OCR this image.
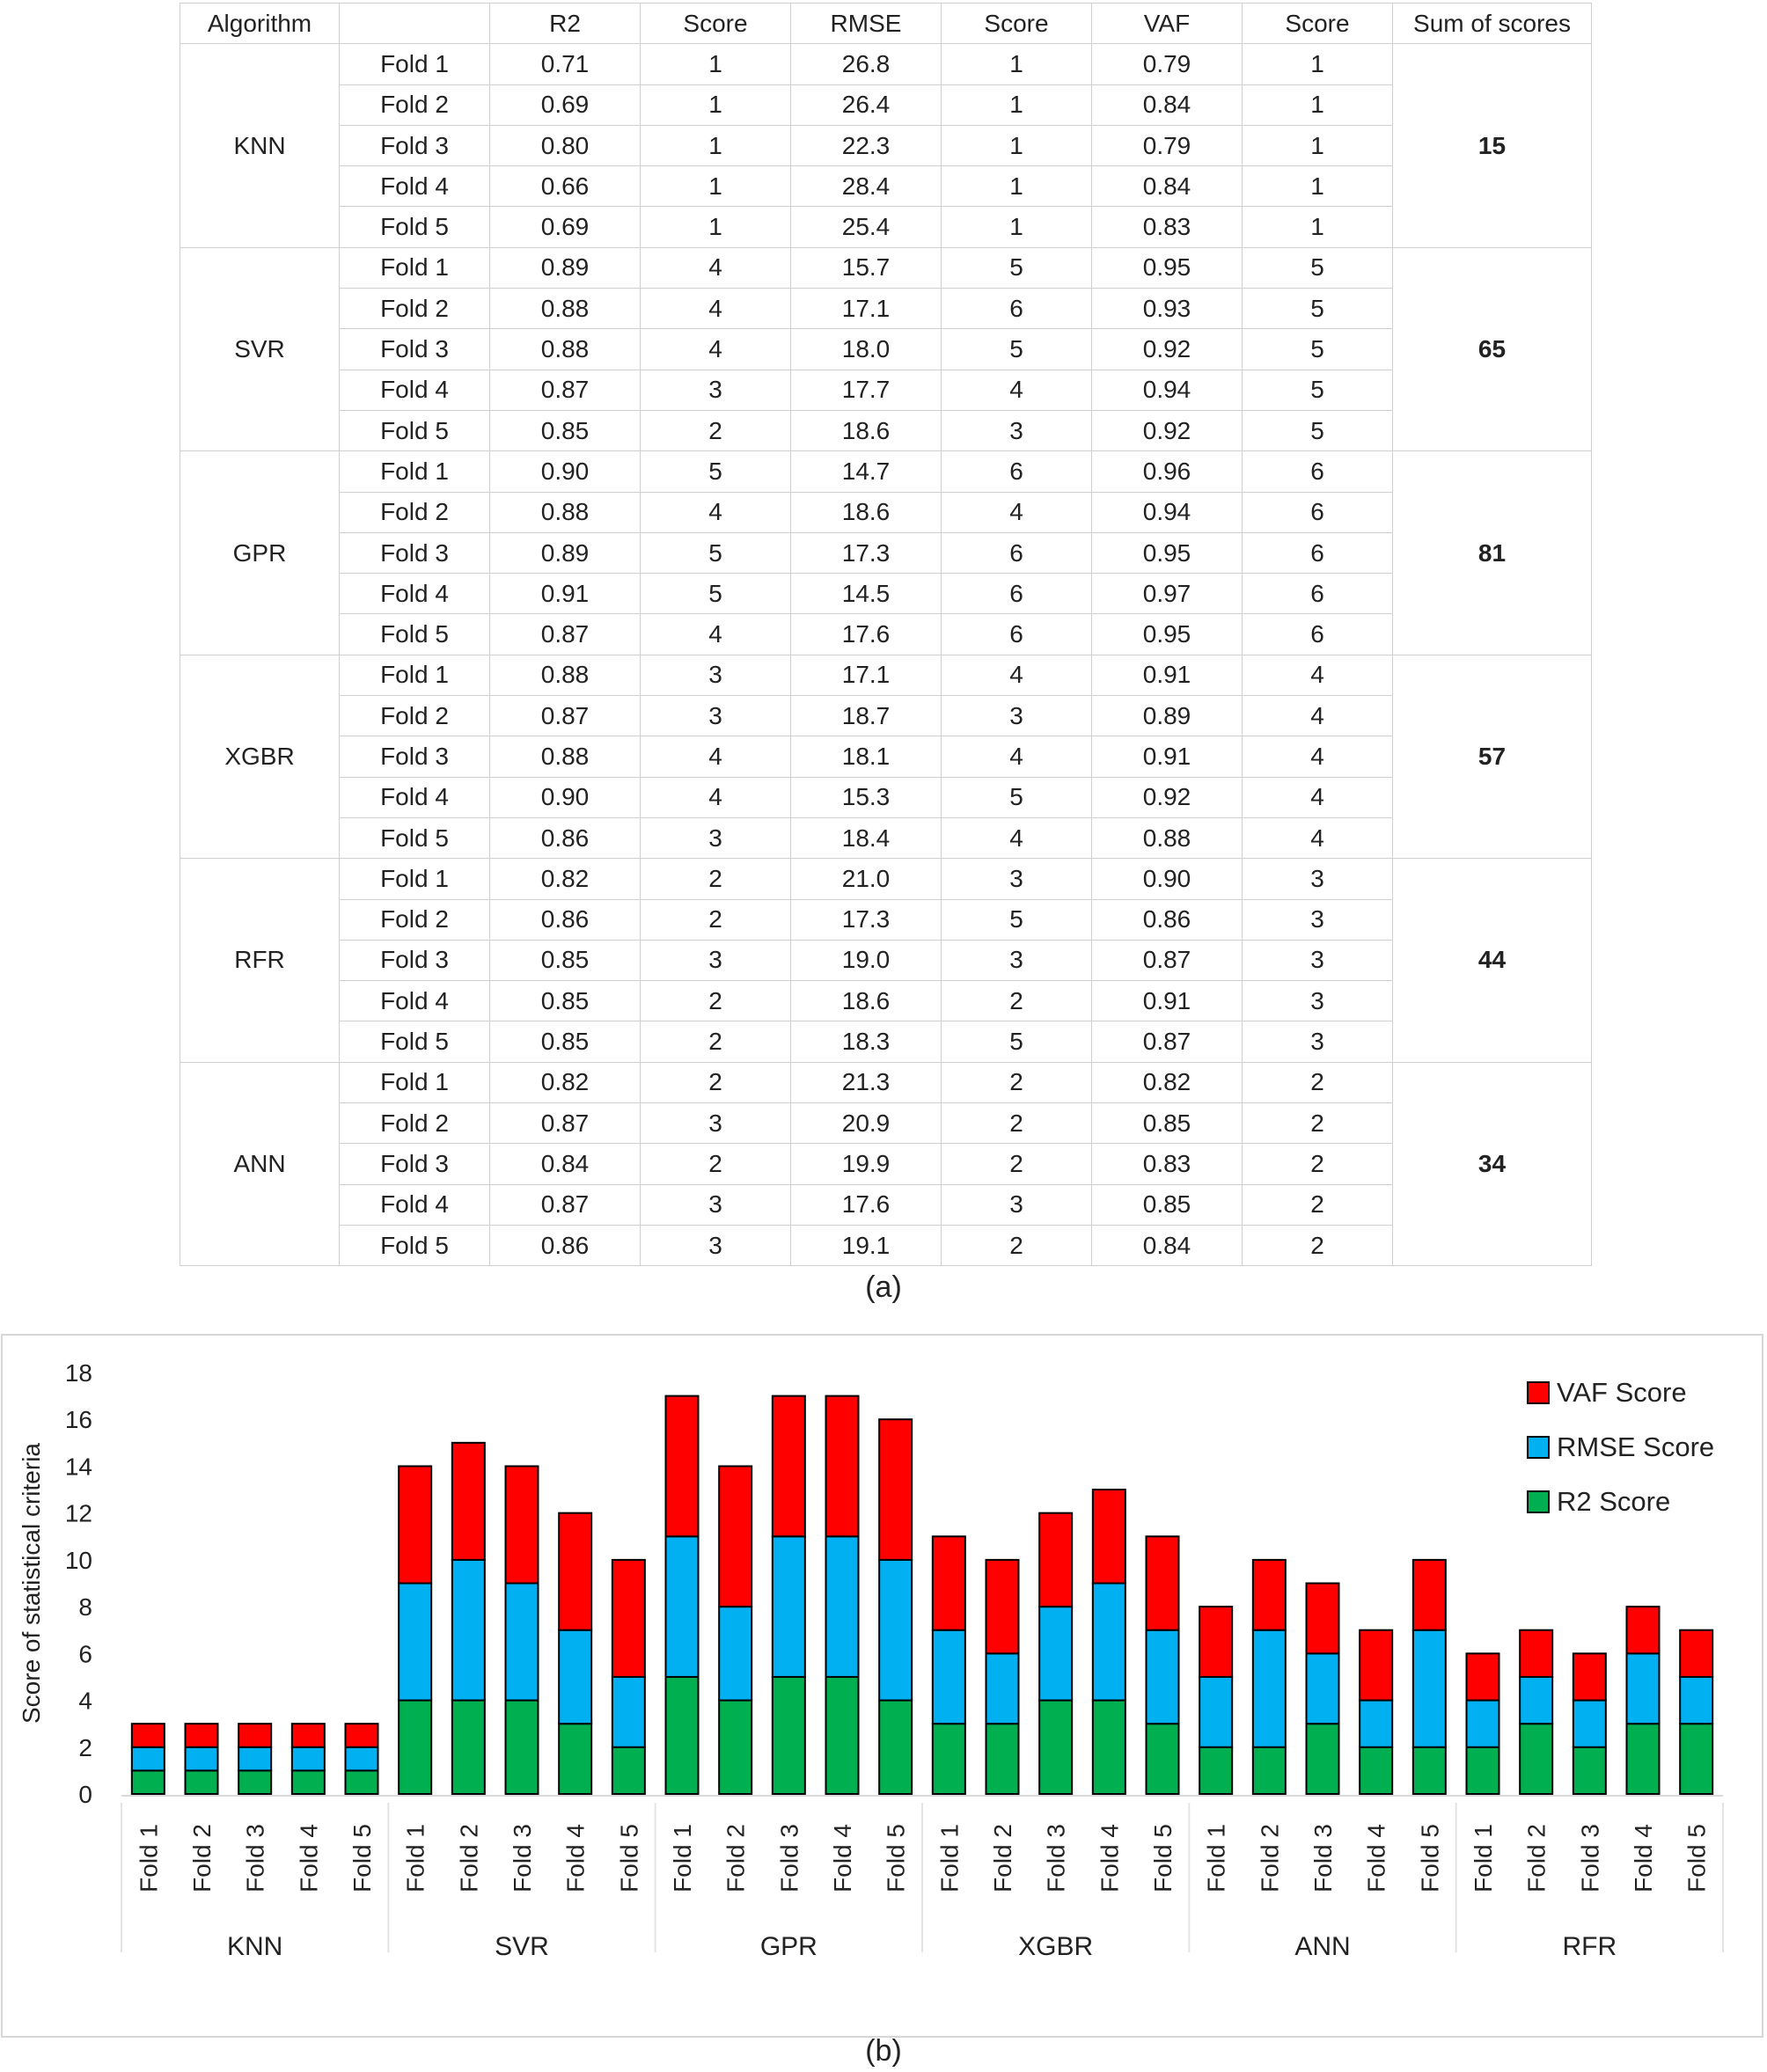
Algorithm		R2	Score	RMSE	Score	VAF	Score	Sum of scores
KNN	Fold 1	0.71	1	26.8	1	0.79	1	15
	Fold 2	0.69	1	26.4	1	0.84	1	
	Fold 3	0.80	1	22.3	1	0.79	1	
	Fold 4	0.66	1	28.4	1	0.84	1	
	Fold 5	0.69	1	25.4	1	0.83	1	
SVR	Fold 1	0.89	4	15.7	5	0.95	5	65
	Fold 2	0.88	4	17.1	6	0.93	5	
	Fold 3	0.88	4	18.0	5	0.92	5	
	Fold 4	0.87	3	17.7	4	0.94	5	
	Fold 5	0.85	2	18.6	3	0.92	5	
GPR	Fold 1	0.90	5	14.7	6	0.96	6	81
	Fold 2	0.88	4	18.6	4	0.94	6	
	Fold 3	0.89	5	17.3	6	0.95	6	
	Fold 4	0.91	5	14.5	6	0.97	6	
	Fold 5	0.87	4	17.6	6	0.95	6	
XGBR	Fold 1	0.88	3	17.1	4	0.91	4	57
	Fold 2	0.87	3	18.7	3	0.89	4	
	Fold 3	0.88	4	18.1	4	0.91	4	
	Fold 4	0.90	4	15.3	5	0.92	4	
	Fold 5	0.86	3	18.4	4	0.88	4	
RFR	Fold 1	0.82	2	21.0	3	0.90	3	44
	Fold 2	0.86	2	17.3	5	0.86	3	
	Fold 3	0.85	3	19.0	3	0.87	3	
	Fold 4	0.85	2	18.6	2	0.91	3	
	Fold 5	0.85	2	18.3	5	0.87	3	
ANN	Fold 1	0.82	2	21.3	2	0.82	2	34
	Fold 2	0.87	3	20.9	2	0.85	2	
	Fold 3	0.84	2	19.9	2	0.83	2	
	Fold 4	0.87	3	17.6	3	0.85	2	
	Fold 5	0.86	3	19.1	2	0.84	2	
(a)
0
2
4
6
8
10
12
14
16
18
Score of statistical criteria
Fold 1 Fold 2 Fold 3 Fold 4 Fold 5
KNN
Fold 1 Fold 2 Fold 3 Fold 4 Fold 5
SVR
Fold 1 Fold 2 Fold 3 Fold 4 Fold 5
GPR
Fold 1 Fold 2 Fold 3 Fold 4 Fold 5
XGBR
Fold 1 Fold 2 Fold 3 Fold 4 Fold 5
ANN
Fold 1 Fold 2 Fold 3 Fold 4 Fold 5
RFR
VAF Score
RMSE Score
R2 Score
(b)
